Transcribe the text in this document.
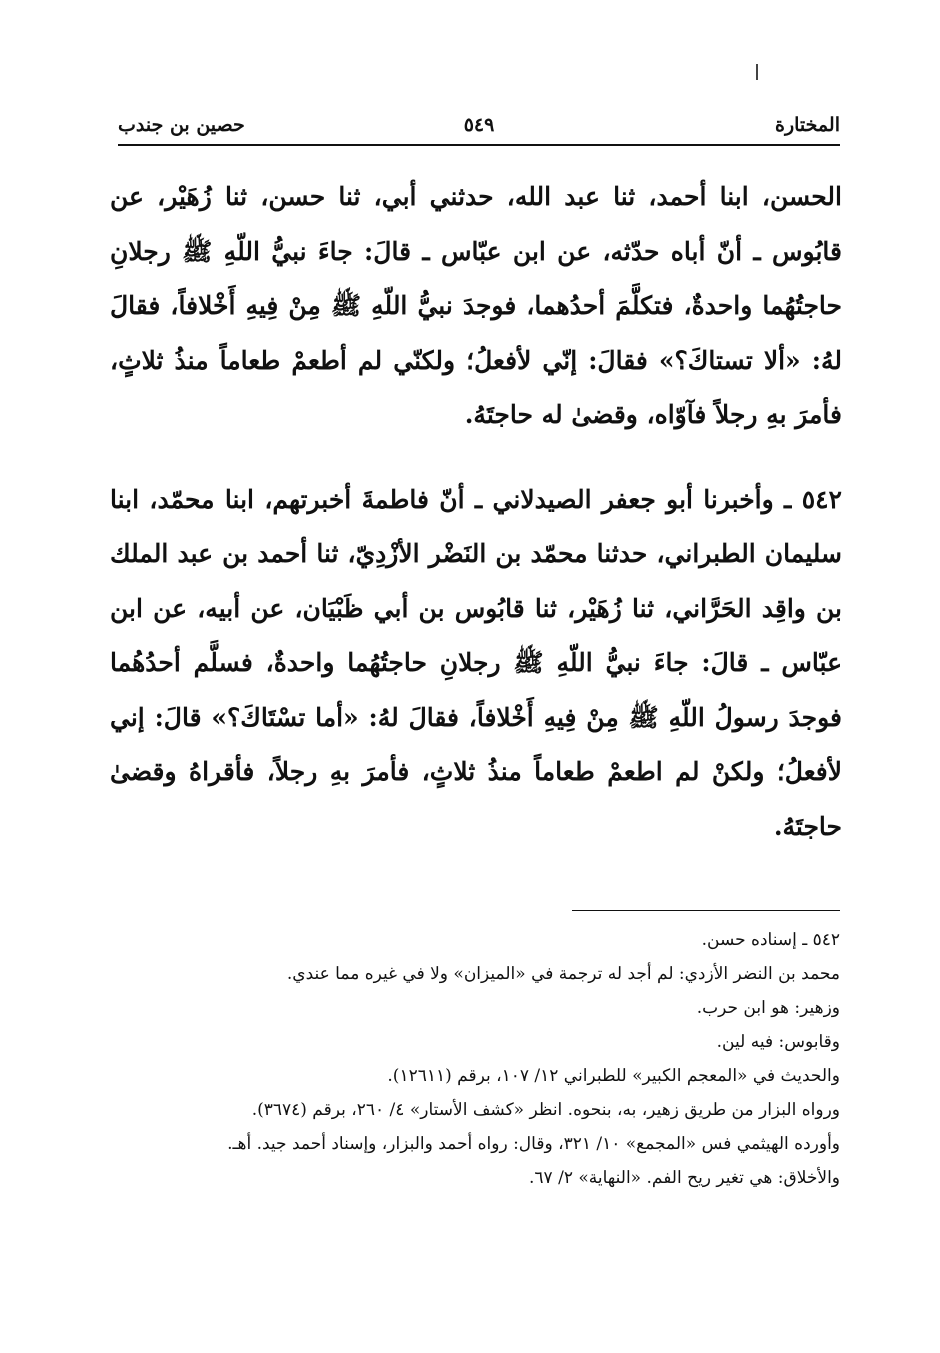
المختارة
٥٤٩
حصين بن جندب

الحسن، ابنا أحمد، ثنا عبد الله، حدثني أبي، ثنا حسن، ثنا زُهَيْر، عن قابُوس ـ أنّ أباه حدّثه، عن ابن عبّاس ـ قالَ: جاءَ نبيُّ اللّهِ ﷺ رجلانِ حاجتُهُما واحدةٌ، فتكلَّمَ أحدُهما، فوجدَ نبيُّ اللّهِ ﷺ مِنْ فِيهِ أَخْلافاً، فقالَ لهُ: «ألا تستاكَ؟» فقالَ: إنّي لأفعلُ؛ ولكنّي لم أطعمْ طعاماً منذُ ثلاثٍ، فأمرَ بهِ رجلاً فآوّاه، وقضىٰ له حاجتَهُ.

٥٤٢ ـ وأخبرنا أبو جعفر الصيدلاني ـ أنّ فاطمةَ أخبرتهم، ابنا محمّد، ابنا سليمان الطبراني، حدثنا محمّد بن النَضْر الأزْدِيّ، ثنا أحمد بن عبد الملك بن واقِد الحَرَّاني، ثنا زُهَيْر، ثنا قابُوس بن أبي ظَبْيَان، عن أبيه، عن ابن عبّاس ـ قالَ: جاءَ نبيُّ اللّهِ ﷺ رجلانِ حاجتُهُما واحدةٌ، فسلَّم أحدُهُما فوجدَ رسولُ اللّهِ ﷺ مِنْ فِيهِ أَخْلافاً، فقالَ لهُ: «أما تسْتَاكَ؟» قالَ: إني لأفعلُ؛ ولكنْ لم اطعمْ طعاماً منذُ ثلاثٍ، فأمرَ بهِ رجلاً، فأقراهُ وقضىٰ حاجتَهُ.

٥٤٢ ـ إسناده حسن.

محمد بن النضر الأزدي: لم أجد له ترجمة في «الميزان» ولا في غيره مما عندي.

وزهير: هو ابن حرب.

وقابوس: فيه لين.

والحديث في «المعجم الكبير» للطبراني ١٢/ ١٠٧، برقم (١٢٦١١).

ورواه البزار من طريق زهير، به، بنحوه. انظر «كشف الأستار» ٤/ ٢٦٠، برقم (٣٦٧٤).

وأورده الهيثمي فس «المجمع» ١٠/ ٣٢١، وقال: رواه أحمد والبزار، وإسناد أحمد جيد. أهـ.

والأخلاق: هي تغير ريح الفم. «النهاية» ٢/ ٦٧.
